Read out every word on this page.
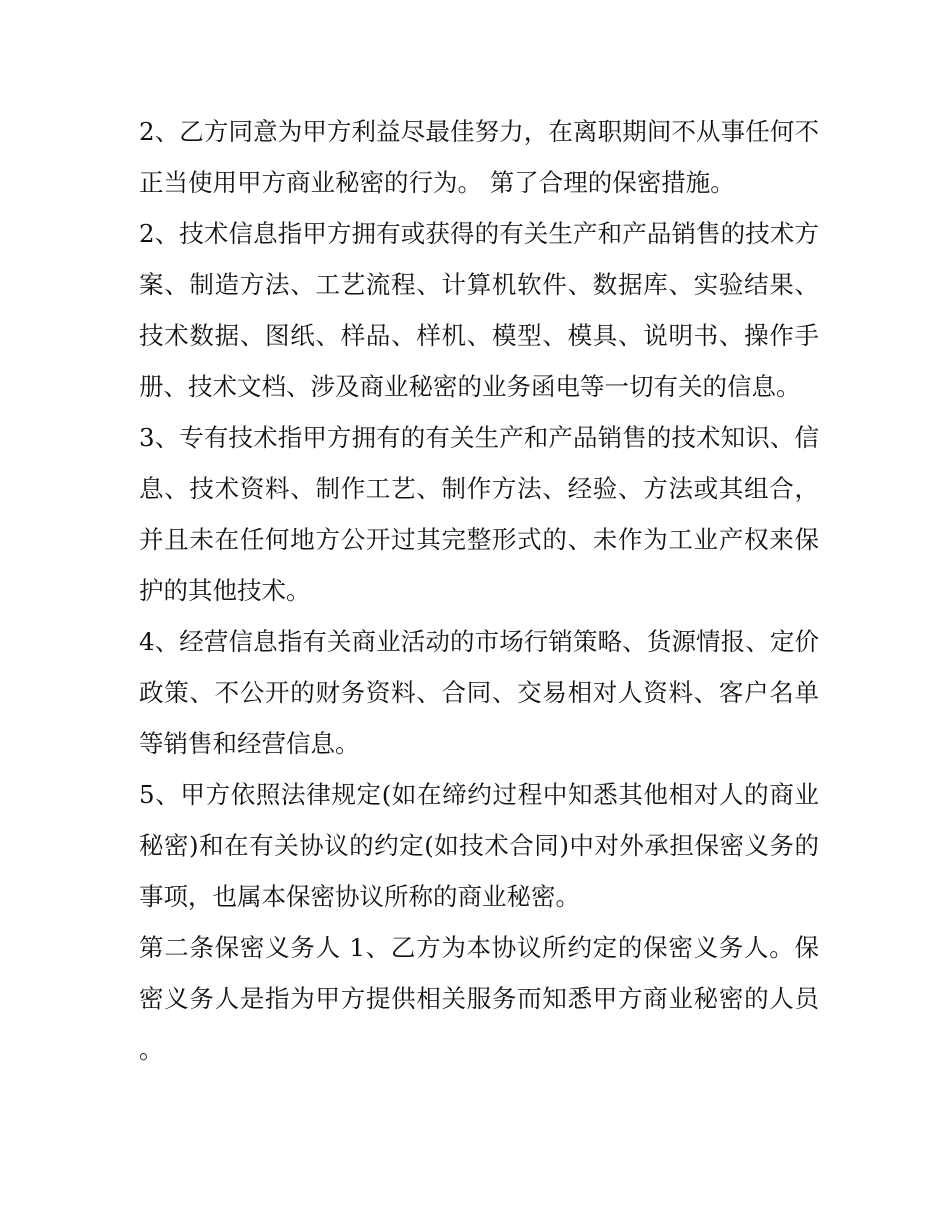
2、乙方同意为甲方利益尽最佳努力，在离职期间不从事任何不正当使用甲方商业秘密的行为。 第了合理的保密措施。

2、技术信息指甲方拥有或获得的有关生产和产品销售的技术方案、制造方法、工艺流程、计算机软件、数据库、实验结果、技术数据、图纸、样品、样机、模型、模具、说明书、操作手册、技术文档、涉及商业秘密的业务函电等一切有关的信息。

3、专有技术指甲方拥有的有关生产和产品销售的技术知识、信息、技术资料、制作工艺、制作方法、经验、方法或其组合，并且未在任何地方公开过其完整形式的、未作为工业产权来保护的其他技术。

4、经营信息指有关商业活动的市场行销策略、货源情报、定价政策、不公开的财务资料、合同、交易相对人资料、客户名单等销售和经营信息。

5、甲方依照法律规定(如在缔约过程中知悉其他相对人的商业秘密)和在有关协议的约定(如技术合同)中对外承担保密义务的事项，也属本保密协议所称的商业秘密。

第二条保密义务人 1、乙方为本协议所约定的保密义务人。保密义务人是指为甲方提供相关服务而知悉甲方商业秘密的人员。
